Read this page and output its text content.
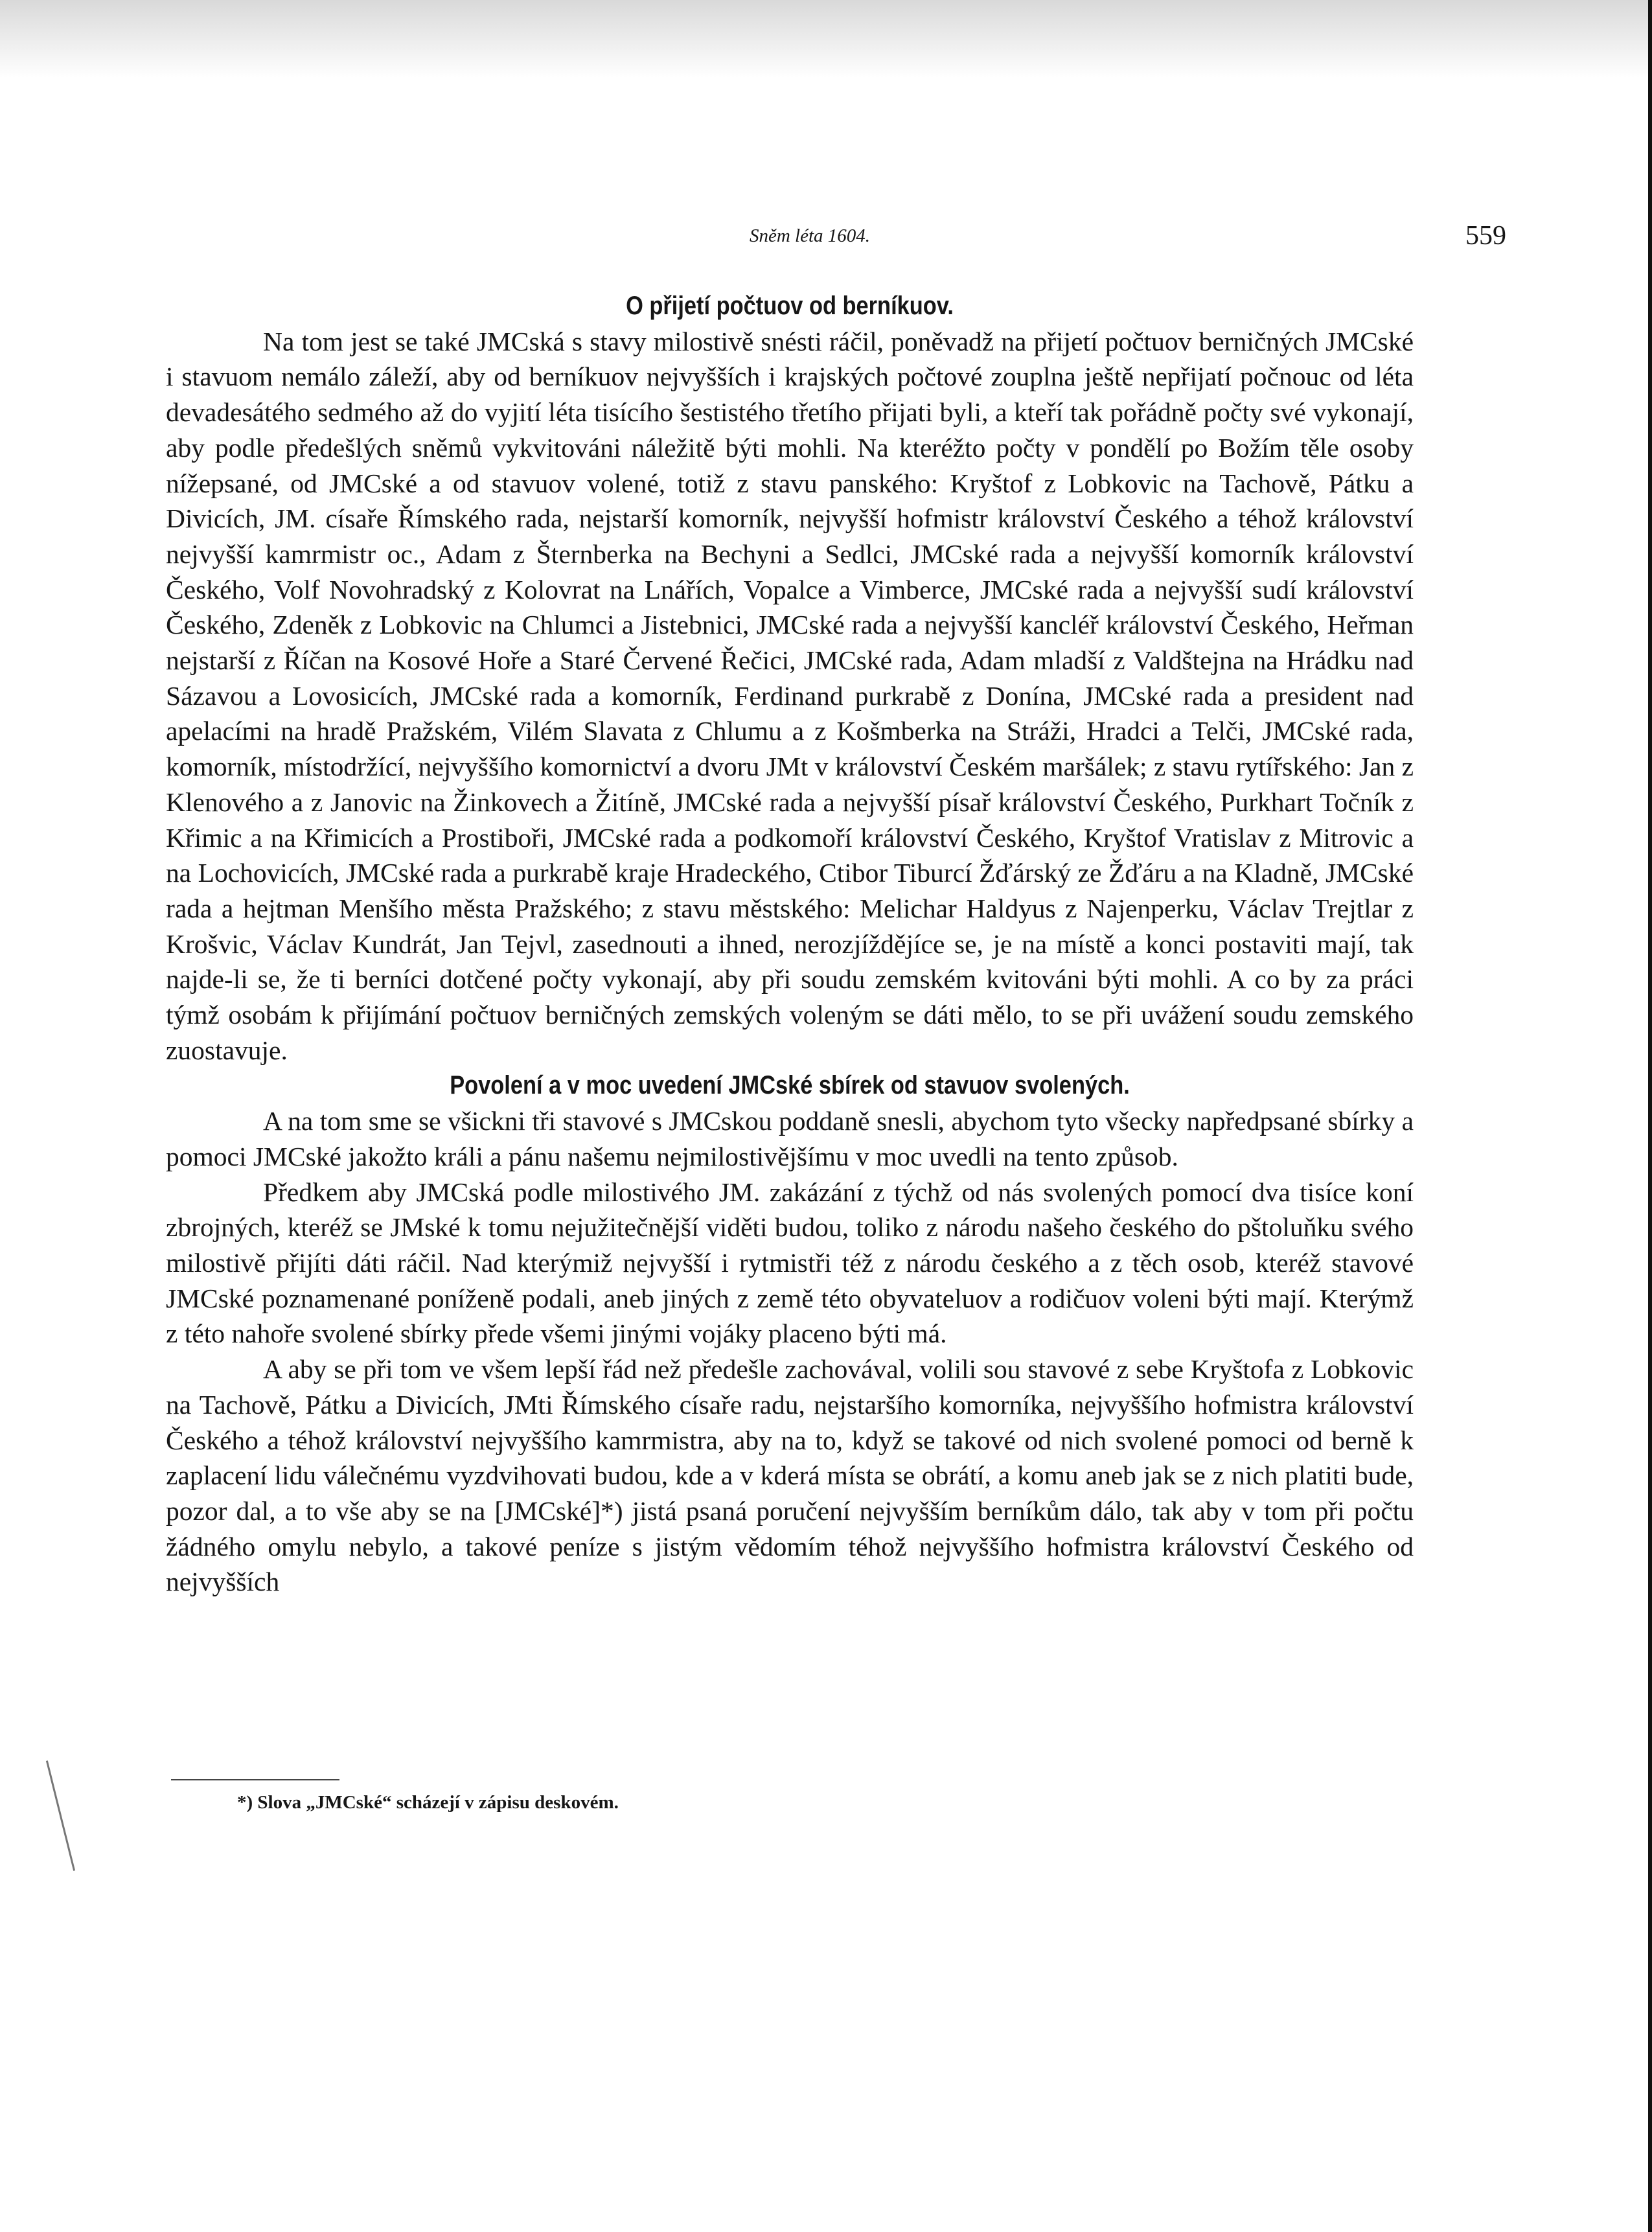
Sněm léta 1604.	559
O přijetí počtuov od berníkuov.

Na tom jest se také JMCská s stavy milostivě snésti ráčil, poněvadž na přijetí počtuov berničných JMCské i stavuom nemálo záleží, aby od berníkuov nejvyšších i krajských počtové zouplna ještě nepřijatí počnouc od léta devadesátého sedmého až do vyjití léta tisícího šestistého třetího přijati byli, a kteří tak pořádně počty své vykonají, aby podle předešlých sněmů vykvitováni náležitě býti mohli. Na kteréžto počty v pondělí po Božím těle osoby nížepsané, od JMCské a od stavuov volené, totiž z stavu panského: Kryštof z Lobkovic na Tachově, Pátku a Divicích, JM. císaře Římského rada, nejstarší komorník, nejvyšší hofmistr království Českého a téhož království nejvyšší kamrmistr oc., Adam z Šternberka na Bechyni a Sedlci, JMCské rada a nejvyšší komorník království Českého, Volf Novohradský z Kolovrat na Lnářích, Vopalce a Vimberce, JMCské rada a nejvyšší sudí království Českého, Zdeněk z Lobkovic na Chlumci a Jistebnici, JMCské rada a nejvyšší kancléř království Českého, Heřman nejstarší z Říčan na Kosové Hoře a Staré Červené Řečici, JMCské rada, Adam mladší z Valdštejna na Hrádku nad Sázavou a Lovosicích, JMCské rada a komorník, Ferdinand purkrabě z Donína, JMCské rada a president nad apelacími na hradě Pražském, Vilém Slavata z Chlumu a z Košmberka na Stráži, Hradci a Telči, JMCské rada, komorník, místodržící, nejvyššího komornictví a dvoru JMt v království Českém maršálek; z stavu rytířského: Jan z Klenového a z Janovic na Žinkovech a Žitíně, JMCské rada a nejvyšší písař království Českého, Purkhart Točník z Křimic a na Křimicích a Prostiboři, JMCské rada a podkomoří království Českého, Kryštof Vratislav z Mitrovic a na Lochovicích, JMCské rada a purkrabě kraje Hradeckého, Ctibor Tiburcí Žďárský ze Žďáru a na Kladně, JMCské rada a hejtman Menšího města Pražského; z stavu městského: Melichar Haldyus z Najenperku, Václav Trejtlar z Krošvic, Václav Kundrát, Jan Tejvl, zasednouti a ihned, nerozjíždějíce se, je na místě a konci postaviti mají, tak najde-li se, že ti berníci dotčené počty vykonají, aby při soudu zemském kvitováni býti mohli. A co by za práci týmž osobám k přijímání počtuov berničných zemských voleným se dáti mělo, to se při uvážení soudu zemského zuostavuje.

Povolení a v moc uvedení JMCské sbírek od stavuov svolených.

A na tom sme se všickni tři stavové s JMCskou poddaně snesli, abychom tyto všecky napředpsané sbírky a pomoci JMCské jakožto králi a pánu našemu nejmilostivějšímu v moc uvedli na tento způsob.

Předkem aby JMCská podle milostivého JM. zakázání z týchž od nás svolených pomocí dva tisíce koní zbrojných, kteréž se JMské k tomu nejužitečnější viděti budou, toliko z národu našeho českého do pštoluňku svého milostivě přijíti dáti ráčil. Nad kterýmiž nejvyšší i rytmistři též z národu českého a z těch osob, kteréž stavové JMCské poznamenané poníženě podali, aneb jiných z země této obyvateluov a rodičuov voleni býti mají. Kterýmž z této nahoře svolené sbírky přede všemi jinými vojáky placeno býti má.

A aby se při tom ve všem lepší řád než předešle zachovával, volili sou stavové z sebe Kryštofa z Lobkovic na Tachově, Pátku a Divicích, JMti Římského císaře radu, nejstaršího komorníka, nejvyššího hofmistra království Českého a téhož království nejvyššího kamrmistra, aby na to, když se takové od nich svolené pomoci od berně k zaplacení lidu válečnému vyzdvihovati budou, kde a v kderá místa se obrátí, a komu aneb jak se z nich platiti bude, pozor dal, a to vše aby se na [JMCské]*) jistá psaná poručení nejvyšším berníkům dálo, tak aby v tom při počtu žádného omylu nebylo, a takové peníze s jistým vědomím téhož nejvyššího hofmistra království Českého od nejvyšších

*) Slova „JMCské“ scházejí v zápisu deskovém.
